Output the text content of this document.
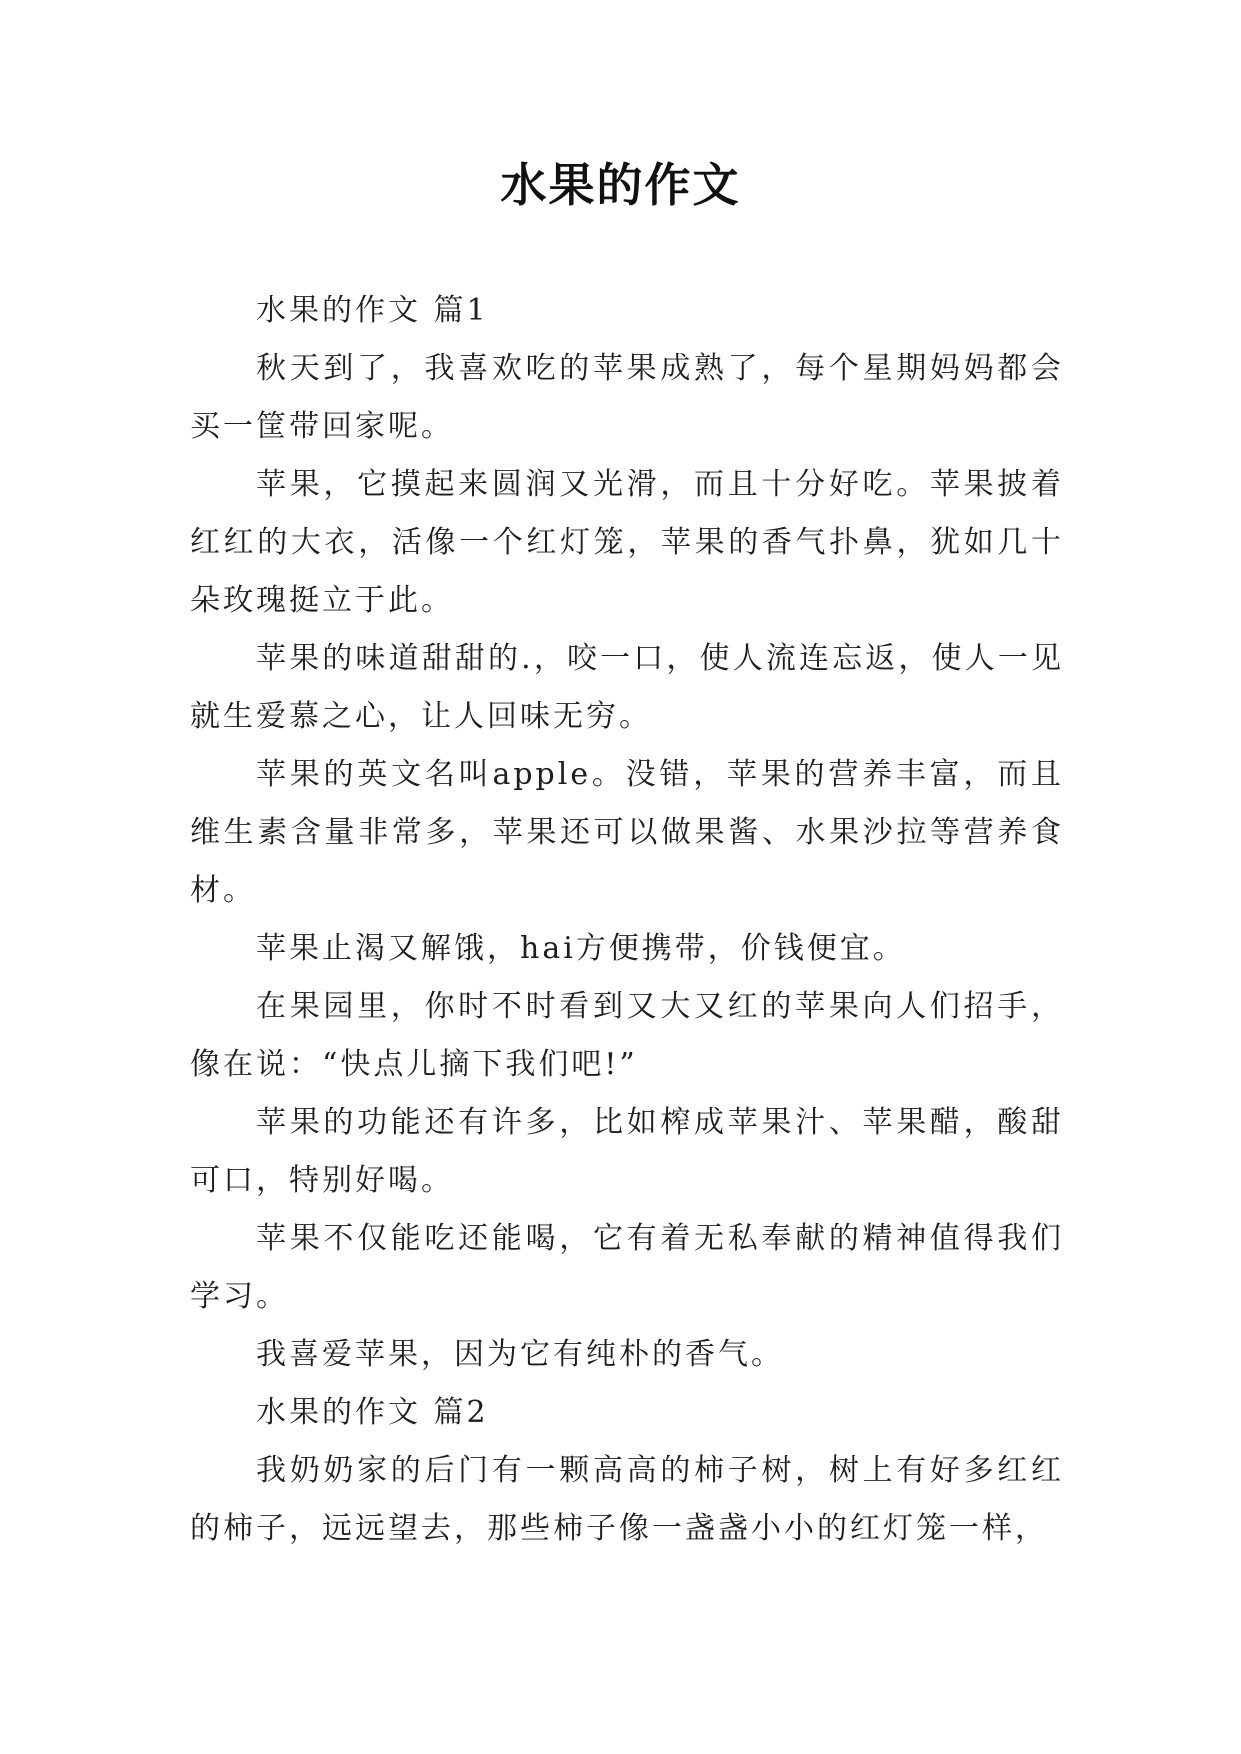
水果的作文

水果的作文 篇1

秋天到了，我喜欢吃的苹果成熟了，每个星期妈妈都会买一筐带回家呢。

苹果，它摸起来圆润又光滑，而且十分好吃。苹果披着红红的大衣，活像一个红灯笼，苹果的香气扑鼻，犹如几十朵玫瑰挺立于此。

苹果的味道甜甜的.，咬一口，使人流连忘返，使人一见就生爱慕之心，让人回味无穷。

苹果的英文名叫apple。没错，苹果的营养丰富，而且维生素含量非常多，苹果还可以做果酱、水果沙拉等营养食材。

苹果止渴又解饿，hai方便携带，价钱便宜。

在果园里，你时不时看到又大又红的苹果向人们招手，像在说：“快点儿摘下我们吧!”

苹果的功能还有许多，比如榨成苹果汁、苹果醋，酸甜可口，特别好喝。

苹果不仅能吃还能喝，它有着无私奉献的精神值得我们学习。

我喜爱苹果，因为它有纯朴的香气。

水果的作文 篇2

我奶奶家的后门有一颗高高的柿子树，树上有好多红红的柿子，远远望去，那些柿子像一盏盏小小的红灯笼一样，
